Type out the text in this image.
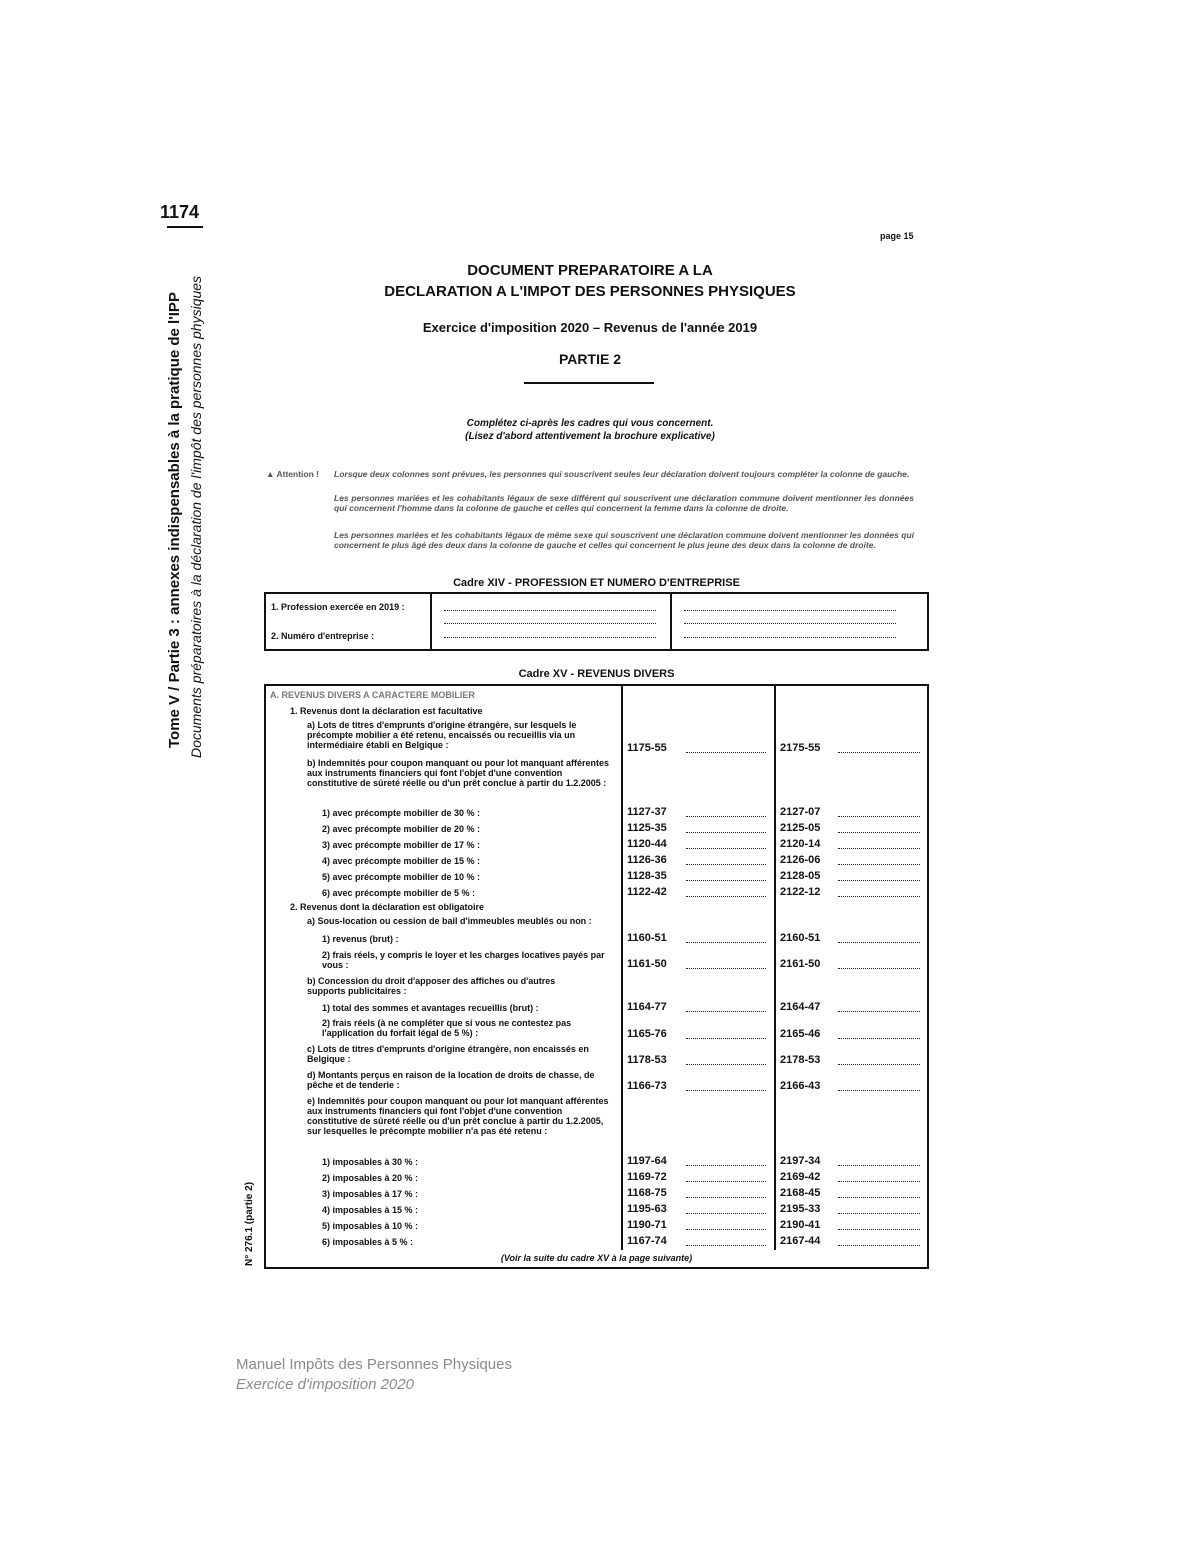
1174
Tome V / Partie 3 : annexes indispensables à la pratique de l'IPP Documents préparatoires à la déclaration de l'impôt des personnes physiques
N° 276.1 (partie 2)
page 15
DOCUMENT PREPARATOIRE A LA
DECLARATION A L'IMPOT DES PERSONNES PHYSIQUES
Exercice d'imposition 2020 – Revenus de l'année 2019
PARTIE 2
Complétez ci-après les cadres qui vous concernent.
(Lisez d'abord attentivement la brochure explicative)
▲ Attention ! Lorsque deux colonnes sont prévues, les personnes qui souscrivent seules leur déclaration doivent toujours compléter la colonne de gauche.
Les personnes mariées et les cohabitants légaux de sexe différent qui souscrivent une déclaration commune doivent mentionner les données qui concernent l'homme dans la colonne de gauche et celles qui concernent la femme dans la colonne de droite.
Les personnes mariées et les cohabitants légaux de même sexe qui souscrivent une déclaration commune doivent mentionner les données qui concernent le plus âgé des deux dans la colonne de gauche et celles qui concernent le plus jeune des deux dans la colonne de droite.
Cadre XIV - PROFESSION ET NUMERO D'ENTREPRISE
1. Profession exercée en 2019 :
2. Numéro d'entreprise :
Cadre XV - REVENUS DIVERS
A. REVENUS DIVERS A CARACTERE MOBILIER
1. Revenus dont la déclaration est facultative
2. Revenus dont la déclaration est obligatoire
a) Lots de titres d'emprunts d'origine étrangère, sur lesquels le précompte mobilier a été retenu, encaissés ou recueillis via un intermédiaire établi en Belgique :	1175-55	2175-55
b) Indemnités pour coupon manquant ou pour lot manquant afférentes aux instruments financiers qui font l'objet d'une convention constitutive de sûreté réelle ou d'un prêt conclue à partir du 1.2.2005 :
1) avec précompte mobilier de 30 % :	1127-37	2127-07
2) avec précompte mobilier de 20 % :	1125-35	2125-05
3) avec précompte mobilier de 17 % :	1120-44	2120-14
4) avec précompte mobilier de 15 % :	1126-36	2126-06
5) avec précompte mobilier de 10 % :	1128-35	2128-05
6) avec précompte mobilier de 5 % :	1122-42	2122-12
a) Sous-location ou cession de bail d'immeubles meublés ou non :
1) revenus (brut) :	1160-51	2160-51
2) frais réels, y compris le loyer et les charges locatives payés par vous :	1161-50	2161-50
b) Concession du droit d'apposer des affiches ou d'autres supports publicitaires :
1) total des sommes et avantages recueillis (brut) :	1164-77	2164-47
2) frais réels (à ne compléter que si vous ne contestez pas l'application du forfait légal de 5 %) :	1165-76	2165-46
c) Lots de titres d'emprunts d'origine étrangère, non encaissés en Belgique :	1178-53	2178-53
d) Montants perçus en raison de la location de droits de chasse, de pêche et de tenderie :	1166-73	2166-43
e) Indemnités pour coupon manquant ou pour lot manquant afférentes aux instruments financiers qui font l'objet d'une convention constitutive de sûreté réelle ou d'un prêt conclue à partir du 1.2.2005, sur lesquelles le précompte mobilier n'a pas été retenu :
1) imposables à 30 % :	1197-64	2197-34
2) imposables à 20 % :	1169-72	2169-42
3) imposables à 17 % :	1168-75	2168-45
4) imposables à 15 % :	1195-63	2195-33
5) imposables à 10 % :	1190-71	2190-41
6) imposables à 5 % :	1167-74	2167-44
(Voir la suite du cadre XV à la page suivante)
Manuel Impôts des Personnes Physiques
Exercice d'imposition 2020
